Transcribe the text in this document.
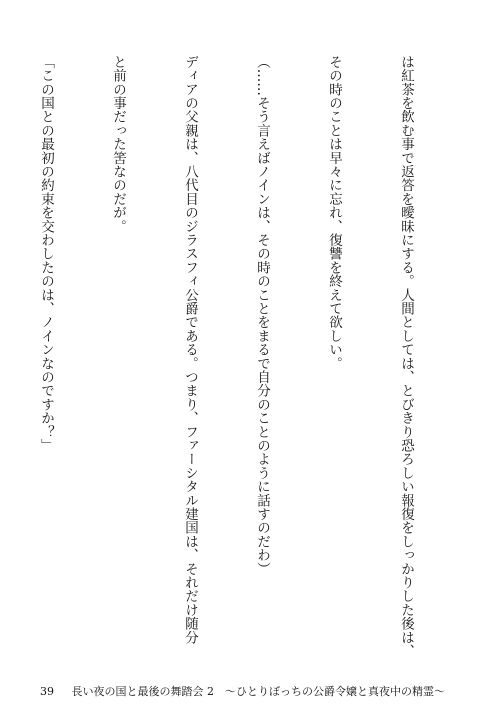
は紅茶を飲む事で返答を曖昧にする。人間としては、とびきり恐ろしい報復をしっかりした後は、

その時のことは早々に忘れ、復讐を終えて欲しい。

（……そう言えばノインは、その時のことをまるで自分のことのように話すのだわ）

ディアの父親は、八代目のジラスフィ公爵である。つまり、ファーシタル建国は、それだけ随分

と前の事だった筈なのだが。

「この国との最初の約束を交わしたのは、ノインなのですか？」

39 長い夜の国と最後の舞踏会 2　～ひとりぼっちの公爵令嬢と真夜中の精霊～
